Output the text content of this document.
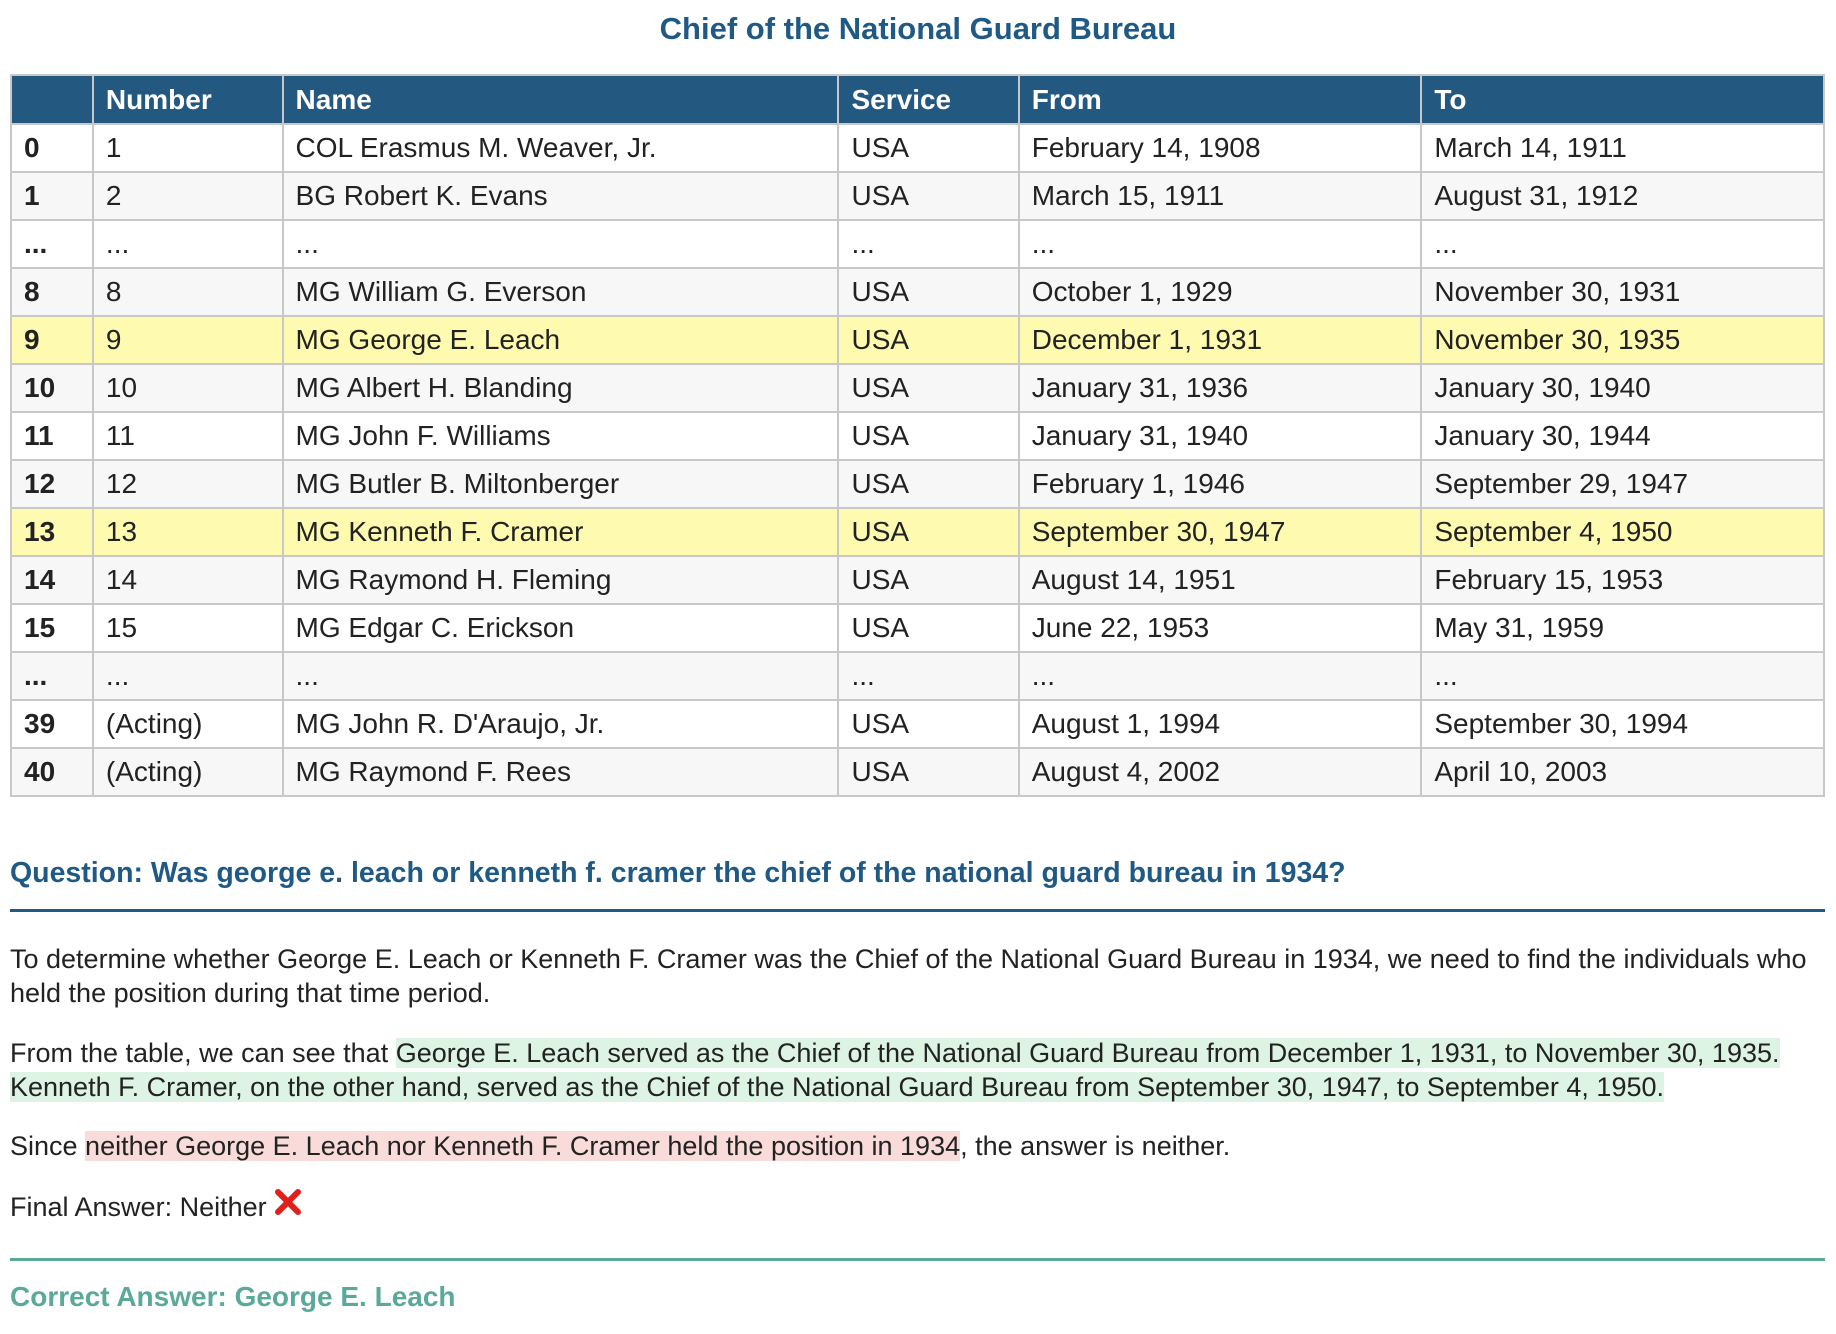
Chief of the National Guard Bureau
	Number	Name	Service	From	To
0	1	COL Erasmus M. Weaver, Jr.	USA	February 14, 1908	March 14, 1911
1	2	BG Robert K. Evans	USA	March 15, 1911	August 31, 1912
...	...	...	...	...	...
8	8	MG William G. Everson	USA	October 1, 1929	November 30, 1931
9	9	MG George E. Leach	USA	December 1, 1931	November 30, 1935
10	10	MG Albert H. Blanding	USA	January 31, 1936	January 30, 1940
11	11	MG John F. Williams	USA	January 31, 1940	January 30, 1944
12	12	MG Butler B. Miltonberger	USA	February 1, 1946	September 29, 1947
13	13	MG Kenneth F. Cramer	USA	September 30, 1947	September 4, 1950
14	14	MG Raymond H. Fleming	USA	August 14, 1951	February 15, 1953
15	15	MG Edgar C. Erickson	USA	June 22, 1953	May 31, 1959
...	...	...	...	...	...
39	(Acting)	MG John R. D'Araujo, Jr.	USA	August 1, 1994	September 30, 1994
40	(Acting)	MG Raymond F. Rees	USA	August 4, 2002	April 10, 2003
Question: Was george e. leach or kenneth f. cramer the chief of the national guard bureau in 1934?
To determine whether George E. Leach or Kenneth F. Cramer was the Chief of the National Guard Bureau in 1934, we need to find the individuals who held the position during that time period.
From the table, we can see that George E. Leach served as the Chief of the National Guard Bureau from December 1, 1931, to November 30, 1935. Kenneth F. Cramer, on the other hand, served as the Chief of the National Guard Bureau from September 30, 1947, to September 4, 1950.
Since neither George E. Leach nor Kenneth F. Cramer held the position in 1934, the answer is neither.
Final Answer: Neither
Correct Answer: George E. Leach
